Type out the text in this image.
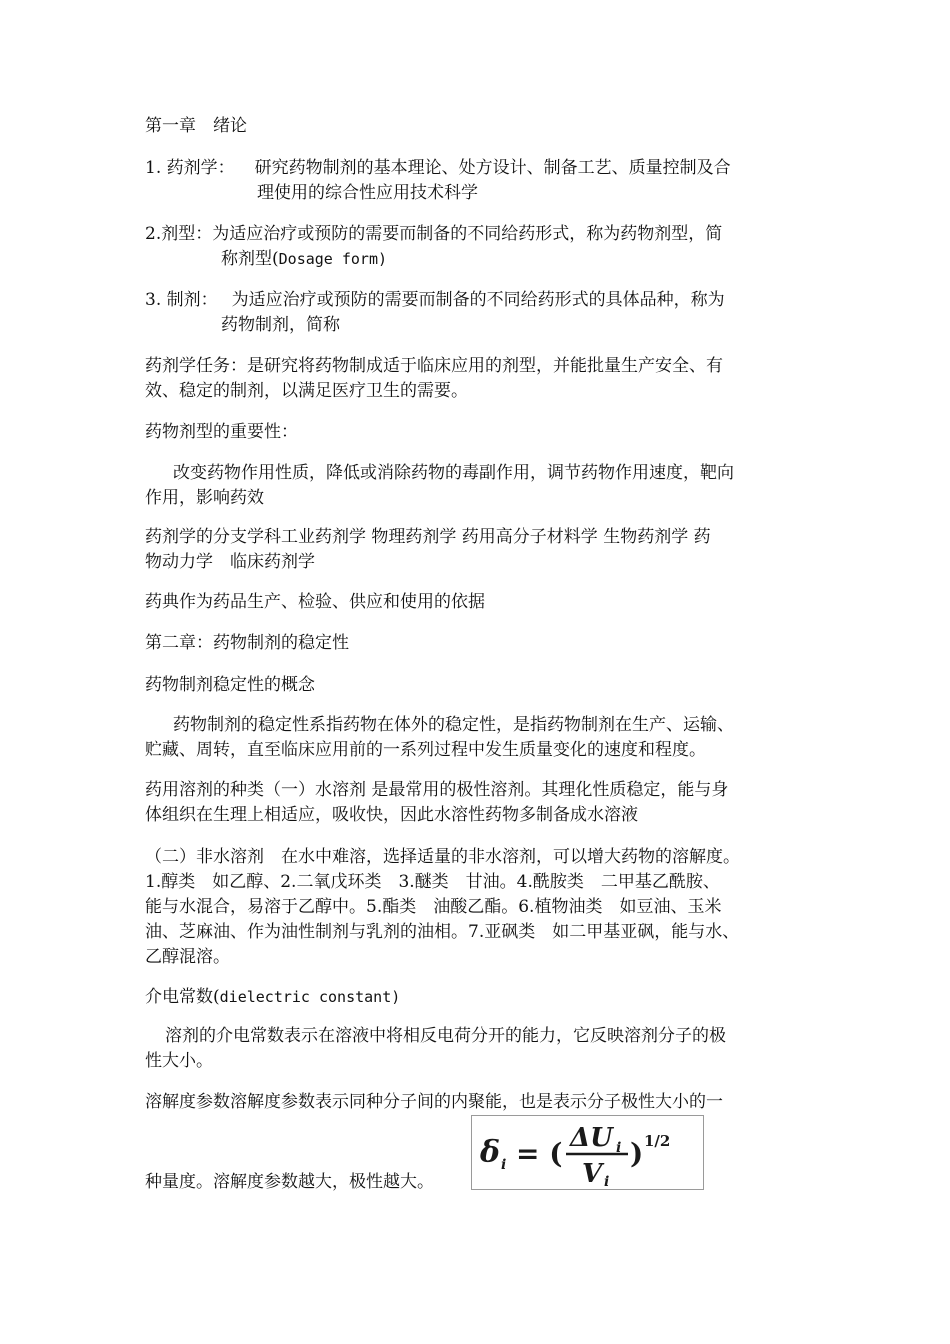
第一章　绪论
1. 药剂学： 研究药物制剂的基本理论、处方设计、制备工艺、质量控制及合
理使用的综合性应用技术科学
2.剂型：为适应治疗或预防的需要而制备的不同给药形式，称为药物剂型，简
称剂型(Dosage form)
3. 制剂： 为适应治疗或预防的需要而制备的不同给药形式的具体品种，称为
药物制剂，简称
药剂学任务：是研究将药物制成适于临床应用的剂型，并能批量生产安全、有
效、稳定的制剂，以满足医疗卫生的需要。
药物剂型的重要性：
改变药物作用性质，降低或消除药物的毒副作用，调节药物作用速度，靶向
作用，影响药效
药剂学的分支学科工业药剂学 物理药剂学 药用高分子材料学 生物药剂学 药
物动力学　临床药剂学
药典作为药品生产、检验、供应和使用的依据
第二章：药物制剂的稳定性
药物制剂稳定性的概念
药物制剂的稳定性系指药物在体外的稳定性，是指药物制剂在生产、运输、
贮藏、周转，直至临床应用前的一系列过程中发生质量变化的速度和程度。
药用溶剂的种类（一）水溶剂 是最常用的极性溶剂。其理化性质稳定，能与身
体组织在生理上相适应，吸收快，因此水溶性药物多制备成水溶液
（二）非水溶剂　在水中难溶，选择适量的非水溶剂，可以增大药物的溶解度。
1.醇类　如乙醇、2.二氧戊环类　3.醚类　甘油。4.酰胺类　二甲基乙酰胺、
能与水混合，易溶于乙醇中。5.酯类　油酸乙酯。6.植物油类　如豆油、玉米
油、芝麻油、作为油性制剂与乳剂的油相。7.亚砜类　如二甲基亚砜，能与水、
乙醇混溶。
介电常数(dielectric constant)
溶剂的介电常数表示在溶液中将相反电荷分开的能力，它反映溶剂分子的极
性大小。
溶解度参数溶解度参数表示同种分子间的内聚能，也是表示分子极性大小的一
种量度。溶解度参数越大，极性越大。
δ i = ( ΔU i
V i
) 1/2
